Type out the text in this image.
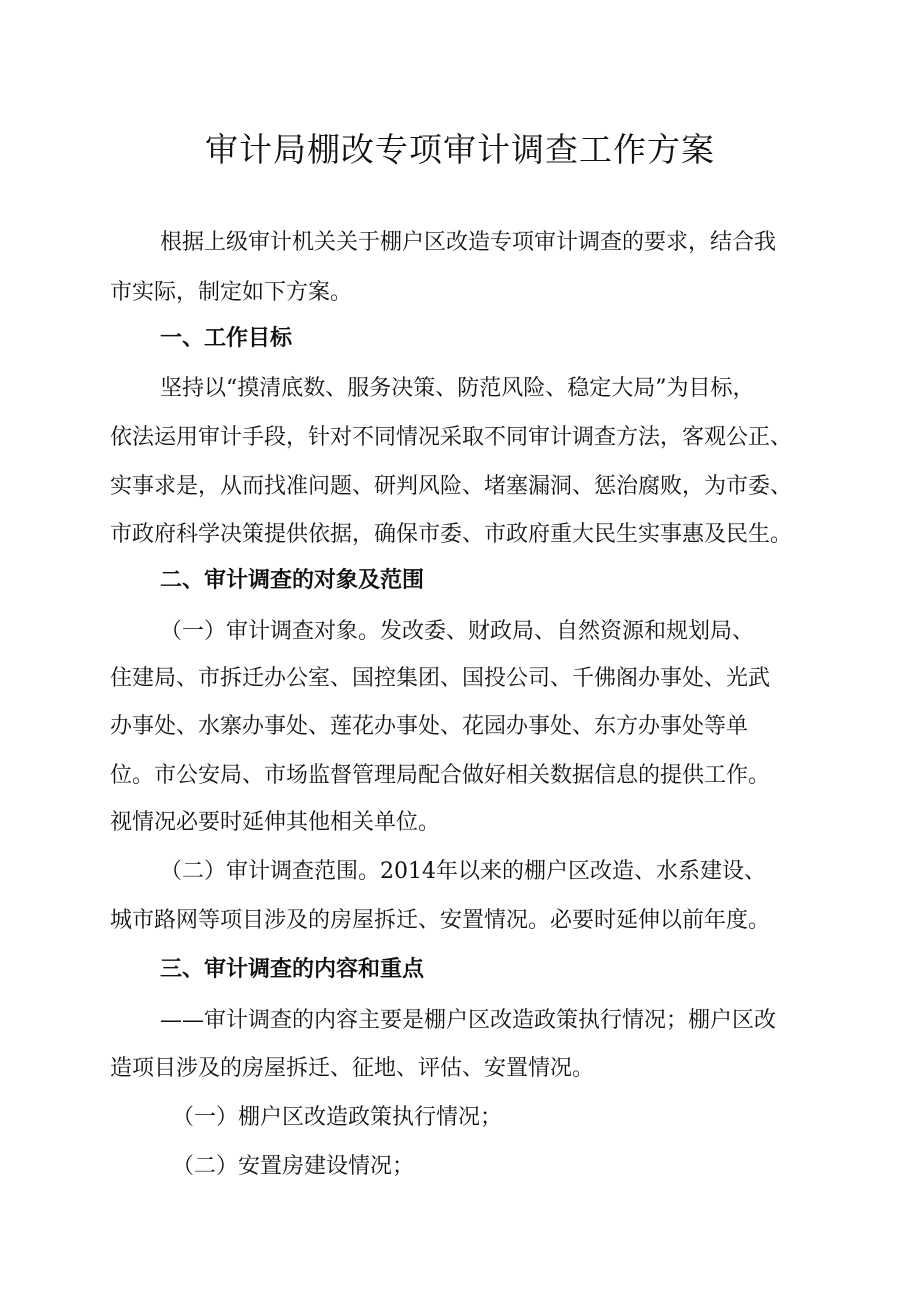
审计局棚改专项审计调查工作方案
根据上级审计机关关于棚户区改造专项审计调查的要求，结合我
市实际，制定如下方案。
一、工作目标
坚持以“摸清底数、服务决策、防范风险、稳定大局”为目标，
依法运用审计手段，针对不同情况采取不同审计调查方法，客观公正、
实事求是，从而找准问题、研判风险、堵塞漏洞、惩治腐败，为市委、
市政府科学决策提供依据，确保市委、市政府重大民生实事惠及民生。
二、审计调查的对象及范围
（一）审计调查对象。发改委、财政局、自然资源和规划局、
住建局、市拆迁办公室、国控集团、国投公司、千佛阁办事处、光武
办事处、水寨办事处、莲花办事处、花园办事处、东方办事处等单
位。市公安局、市场监督管理局配合做好相关数据信息的提供工作。
视情况必要时延伸其他相关单位。
（二）审计调查范围。2014年以来的棚户区改造、水系建设、
城市路网等项目涉及的房屋拆迁、安置情况。必要时延伸以前年度。
三、审计调查的内容和重点
——审计调查的内容主要是棚户区改造政策执行情况；棚户区改
造项目涉及的房屋拆迁、征地、评估、安置情况。
（一）棚户区改造政策执行情况；
（二）安置房建设情况；
